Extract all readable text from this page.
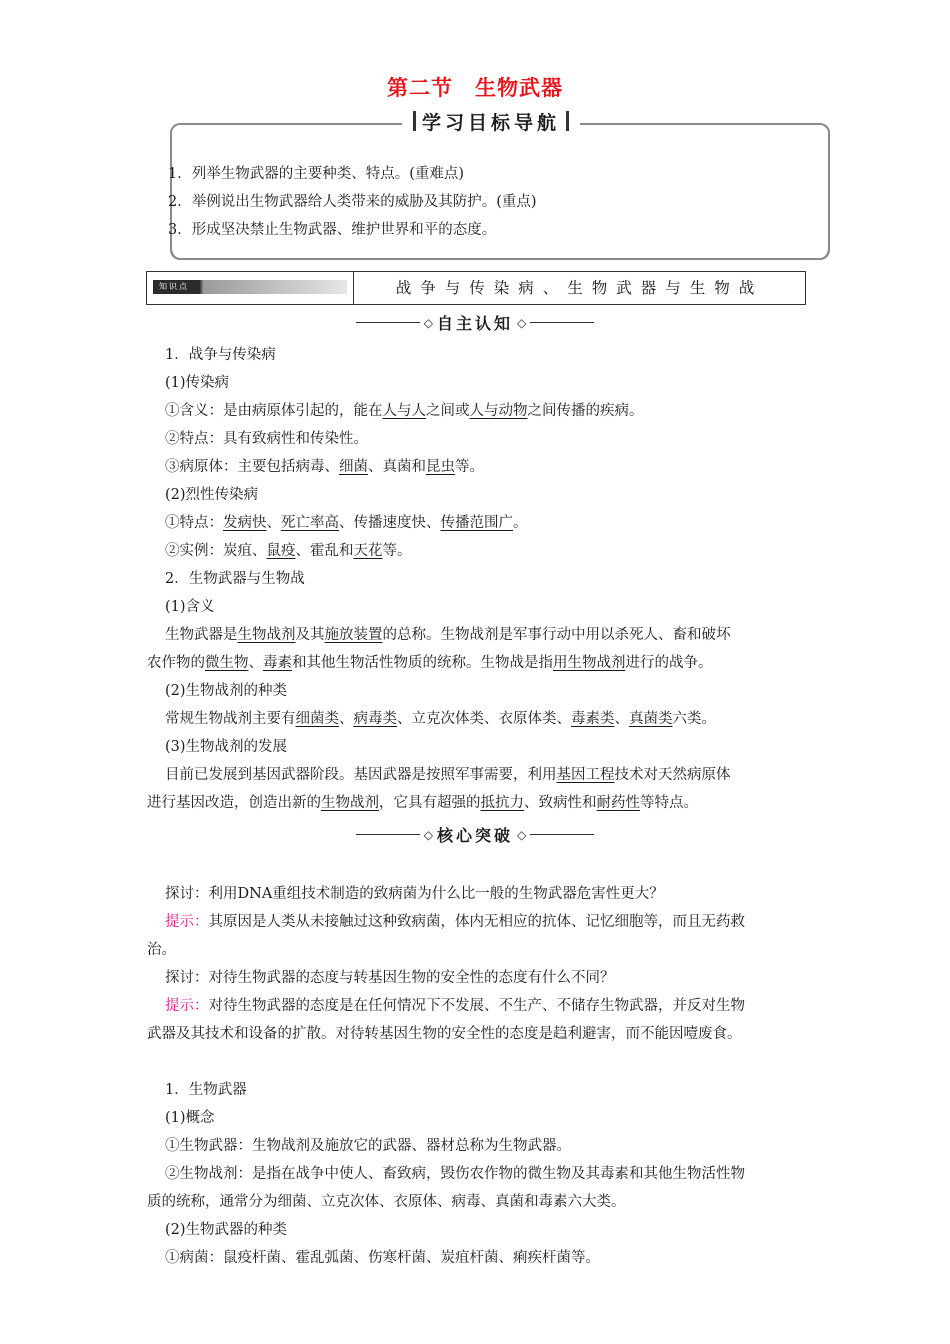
第二节　生物武器
学习目标导航
1．列举生物武器的主要种类、特点。(重难点)
2．举例说出生物武器给人类带来的威胁及其防护。(重点)
3．形成坚决禁止生物武器、维护世界和平的态度。
知识点	战争与传染病、生物武器与生物战
◇ 自主认知 ◇
1．战争与传染病
(1)传染病
①含义：是由病原体引起的，能在人与人之间或人与动物之间传播的疾病。
②特点：具有致病性和传染性。
③病原体：主要包括病毒、细菌、真菌和昆虫等。
(2)烈性传染病
①特点：发病快、死亡率高、传播速度快、传播范围广。
②实例：炭疽、鼠疫、霍乱和天花等。
2．生物武器与生物战
(1)含义
生物武器是生物战剂及其施放装置的总称。生物战剂是军事行动中用以杀死人、畜和破坏
农作物的微生物、毒素和其他生物活性物质的统称。生物战是指用生物战剂进行的战争。
(2)生物战剂的种类
常规生物战剂主要有细菌类、病毒类、立克次体类、衣原体类、毒素类、真菌类六类。
(3)生物战剂的发展
目前已发展到基因武器阶段。基因武器是按照军事需要，利用基因工程技术对天然病原体
进行基因改造，创造出新的生物战剂，它具有超强的抵抗力、致病性和耐药性等特点。
◇ 核心突破 ◇
探讨：利用DNA重组技术制造的致病菌为什么比一般的生物武器危害性更大？
提示：其原因是人类从未接触过这种致病菌，体内无相应的抗体、记忆细胞等，而且无药救
治。
探讨：对待生物武器的态度与转基因生物的安全性的态度有什么不同？
提示：对待生物武器的态度是在任何情况下不发展、不生产、不储存生物武器，并反对生物
武器及其技术和设备的扩散。对待转基因生物的安全性的态度是趋利避害，而不能因噎废食。
1．生物武器
(1)概念
①生物武器：生物战剂及施放它的武器、器材总称为生物武器。
②生物战剂：是指在战争中使人、畜致病，毁伤农作物的微生物及其毒素和其他生物活性物
质的统称，通常分为细菌、立克次体、衣原体、病毒、真菌和毒素六大类。
(2)生物武器的种类
①病菌：鼠疫杆菌、霍乱弧菌、伤寒杆菌、炭疽杆菌、痢疾杆菌等。
